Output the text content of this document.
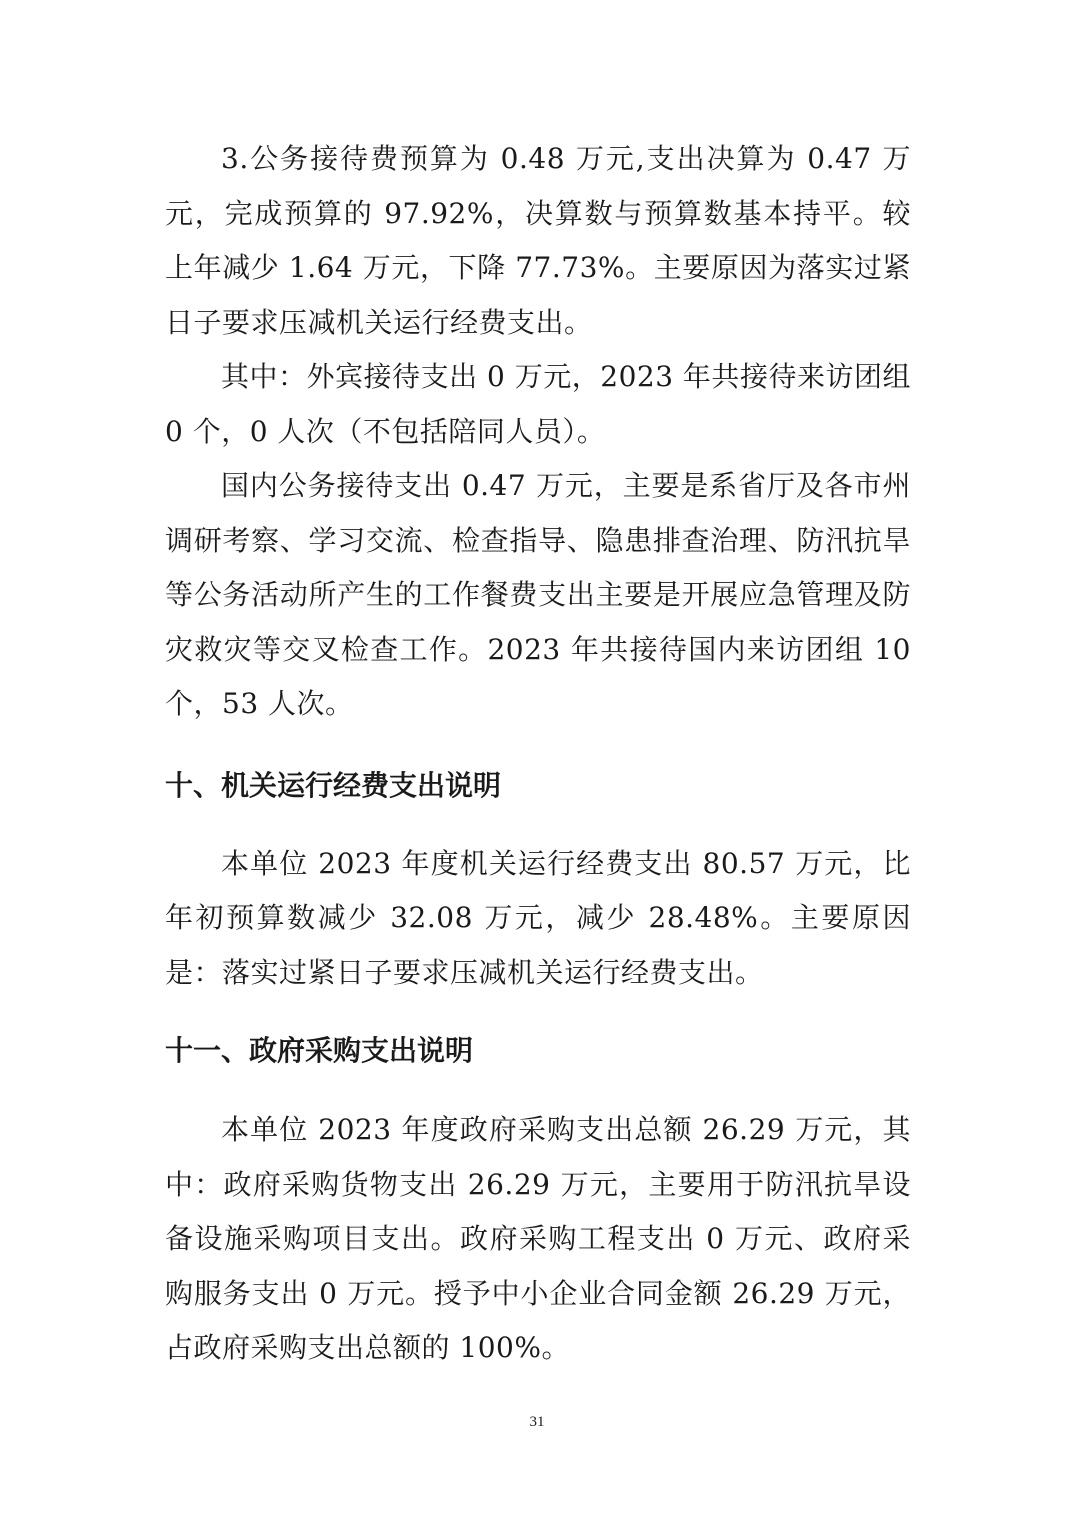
3.公务接待费预算为 0.48 万元,支出决算为 0.47 万元，完成预算的 97.92%，决算数与预算数基本持平。较上年减少 1.64 万元，下降 77.73%。主要原因为落实过紧日子要求压减机关运行经费支出。

其中：外宾接待支出 0 万元，2023 年共接待来访团组 0 个，0 人次（不包括陪同人员）。

国内公务接待支出 0.47 万元，主要是系省厅及各市州调研考察、学习交流、检查指导、隐患排查治理、防汛抗旱等公务活动所产生的工作餐费支出主要是开展应急管理及防灾救灾等交叉检查工作。2023 年共接待国内来访团组 10 个，53 人次。

十、机关运行经费支出说明

本单位 2023 年度机关运行经费支出 80.57 万元，比年初预算数减少 32.08 万元，减少 28.48%。主要原因是：落实过紧日子要求压减机关运行经费支出。

十一、政府采购支出说明

本单位 2023 年度政府采购支出总额 26.29 万元，其中：政府采购货物支出 26.29 万元，主要用于防汛抗旱设备设施采购项目支出。政府采购工程支出 0 万元、政府采购服务支出 0 万元。授予中小企业合同金额 26.29 万元，占政府采购支出总额的 100%。

31
